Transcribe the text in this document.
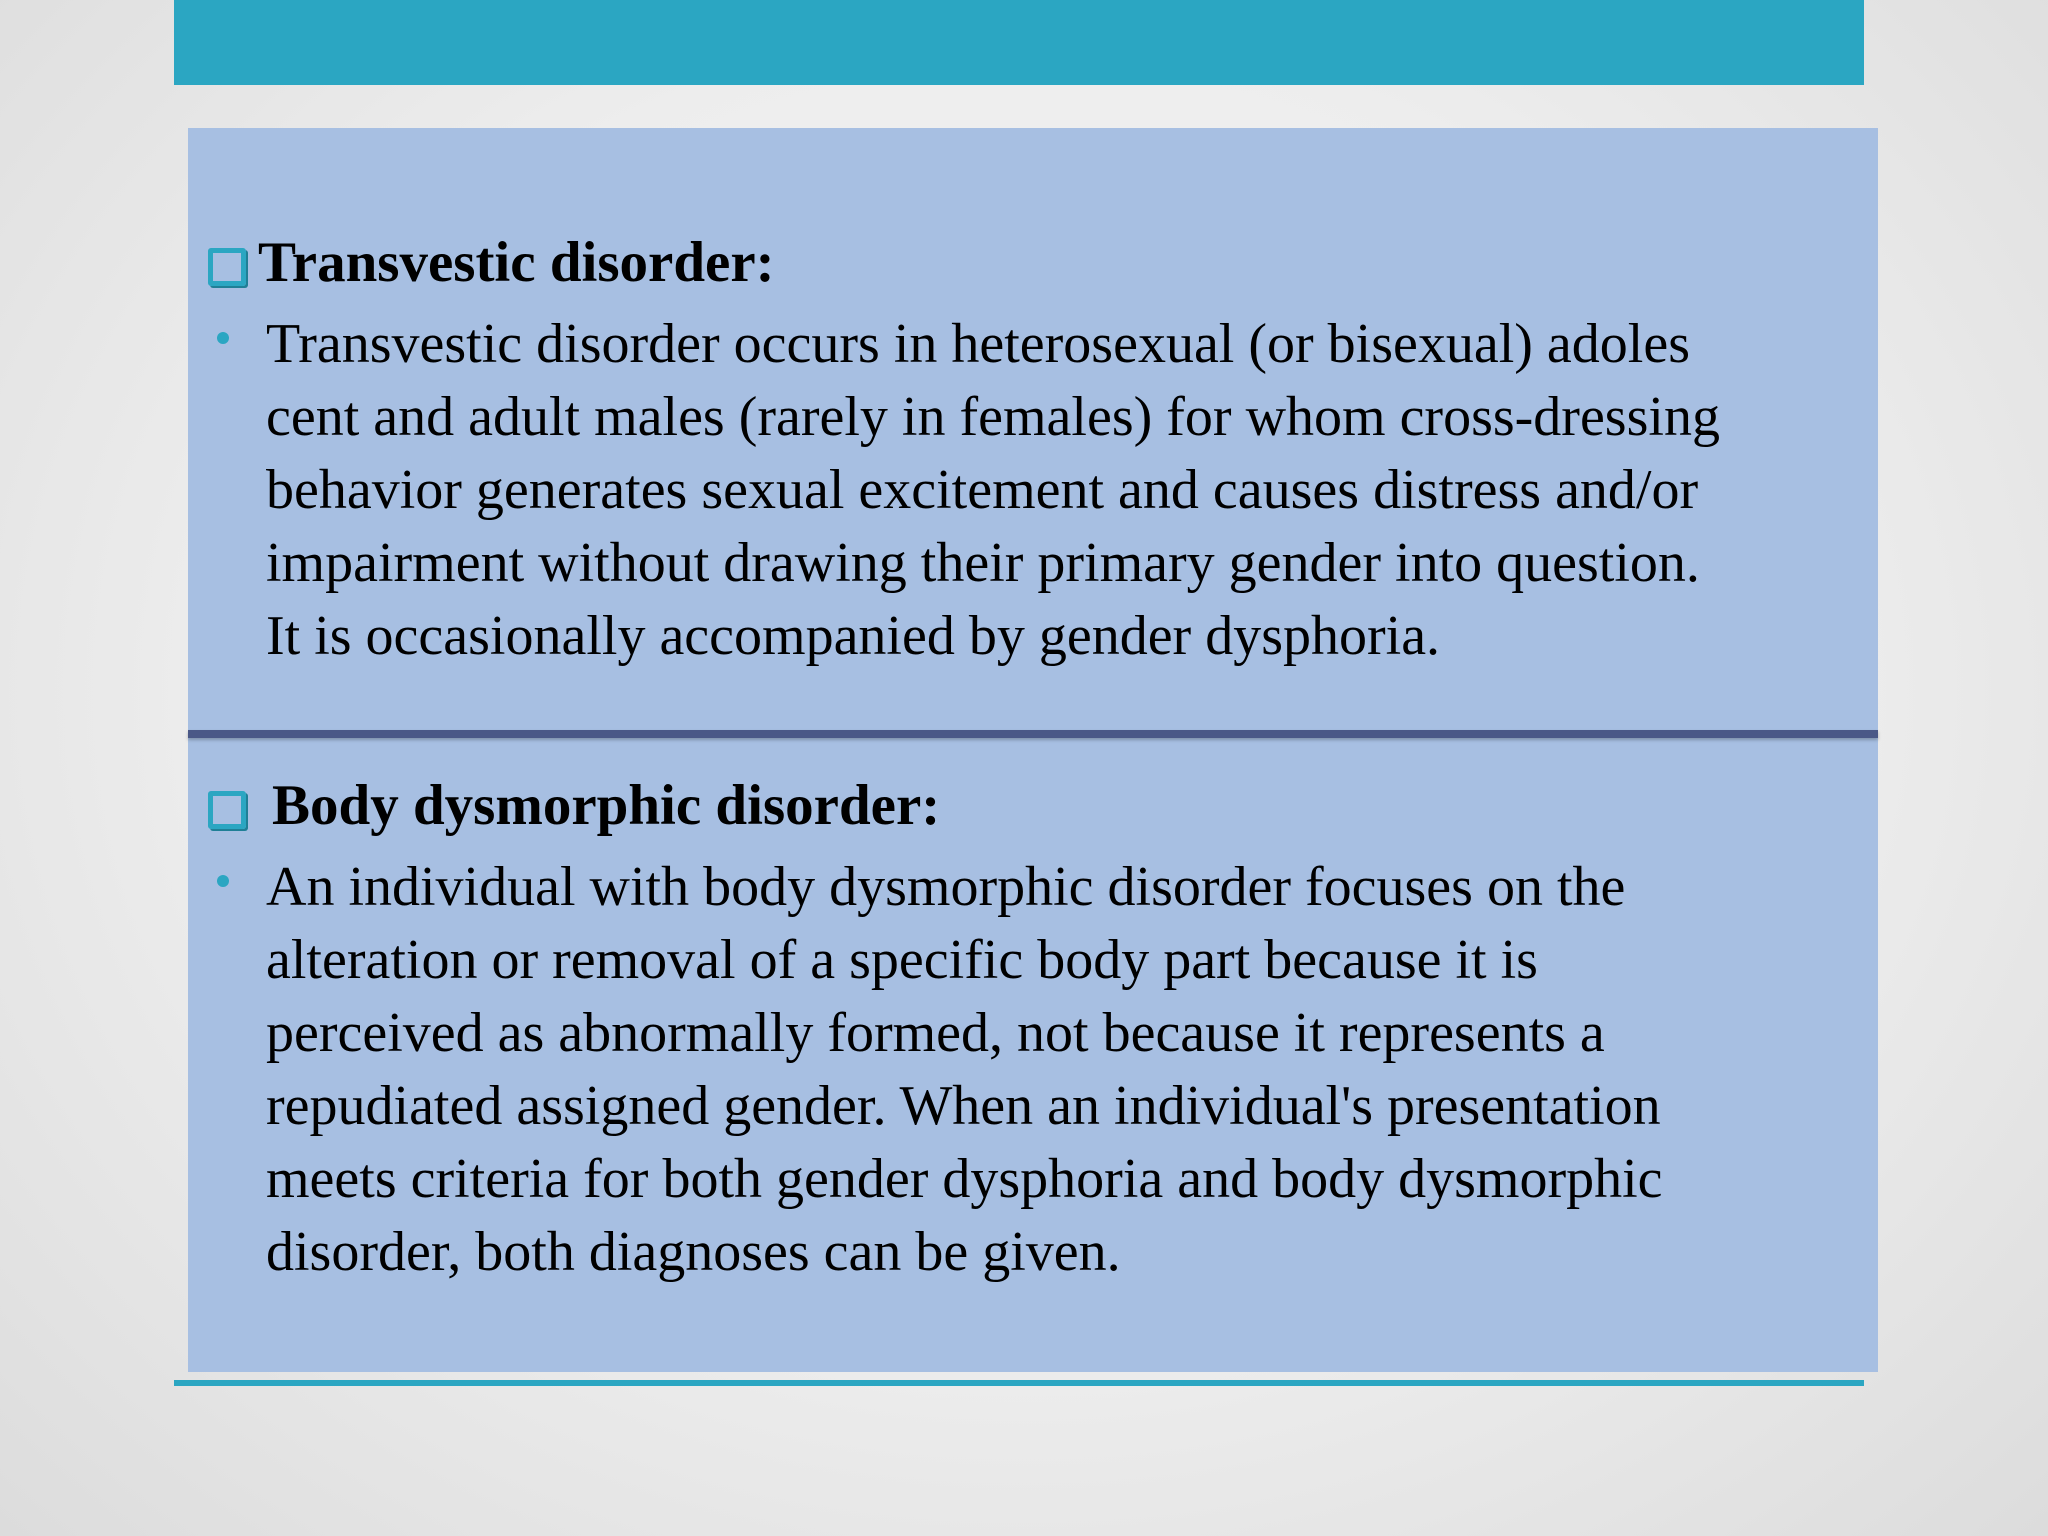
Transvestic disorder:
Transvestic disorder occurs in heterosexual (or bisexual) adoles
cent and adult males (rarely in females) for whom cross-dressing
behavior generates sexual excitement and causes distress and/or
impairment without drawing their primary gender into question.
It is occasionally accompanied by gender dysphoria.
Body dysmorphic disorder:
An individual with body dysmorphic disorder focuses on the
alteration or removal of a specific body part because it is
perceived as abnormally formed, not because it represents a
repudiated assigned gender. When an individual's presentation
meets criteria for both gender dysphoria and body dysmorphic
disorder, both diagnoses can be given.
